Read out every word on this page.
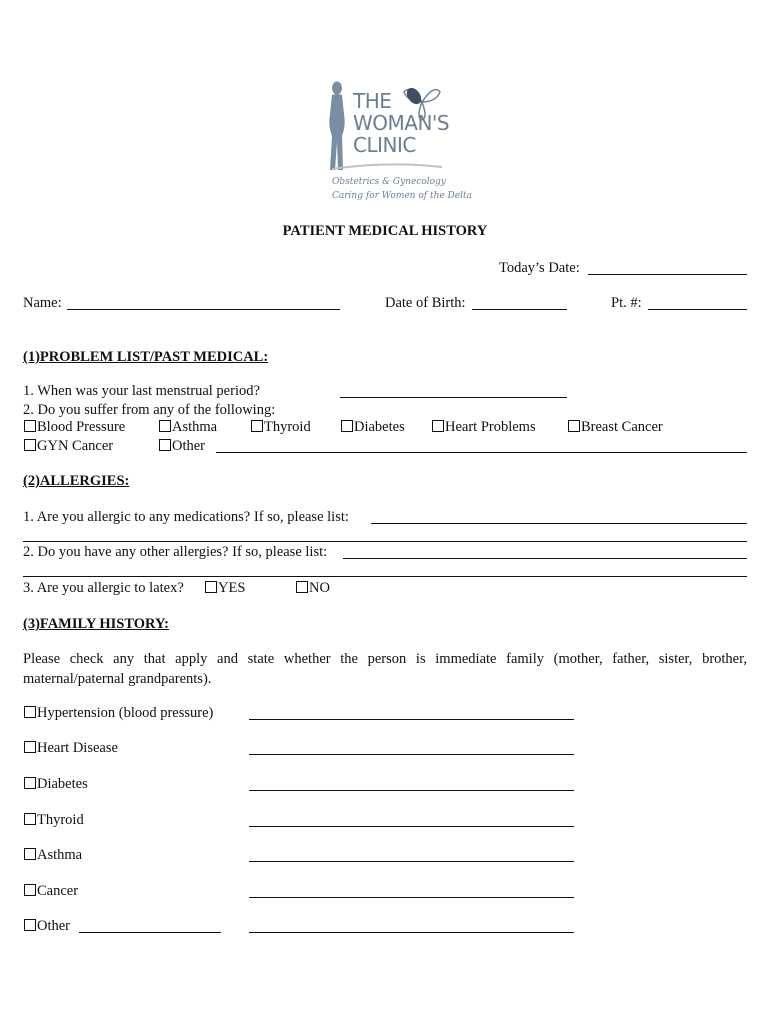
THE
WOMAN'S
CLINIC
Obstetrics & Gynecology
Caring for Women of the Delta
PATIENT MEDICAL HISTORY
Today’s Date:
Name:	Date of Birth:	Pt. #:
(1)PROBLEM LIST/PAST MEDICAL:
1. When was your last menstrual period?
2. Do you suffer from any of the following:
Blood Pressure	Asthma	Thyroid	Diabetes	Heart Problems	Breast Cancer
GYN Cancer	Other
(2)ALLERGIES:
1. Are you allergic to any medications? If so, please list:
2. Do you have any other allergies? If so, please list:
3. Are you allergic to latex?	YES	NO
(3)FAMILY HISTORY:
Please check any that apply and state whether the person is immediate family (mother, father, sister, brother, maternal/paternal grandparents).
Hypertension (blood pressure)
Heart Disease
Diabetes
Thyroid
Asthma
Cancer
Other
